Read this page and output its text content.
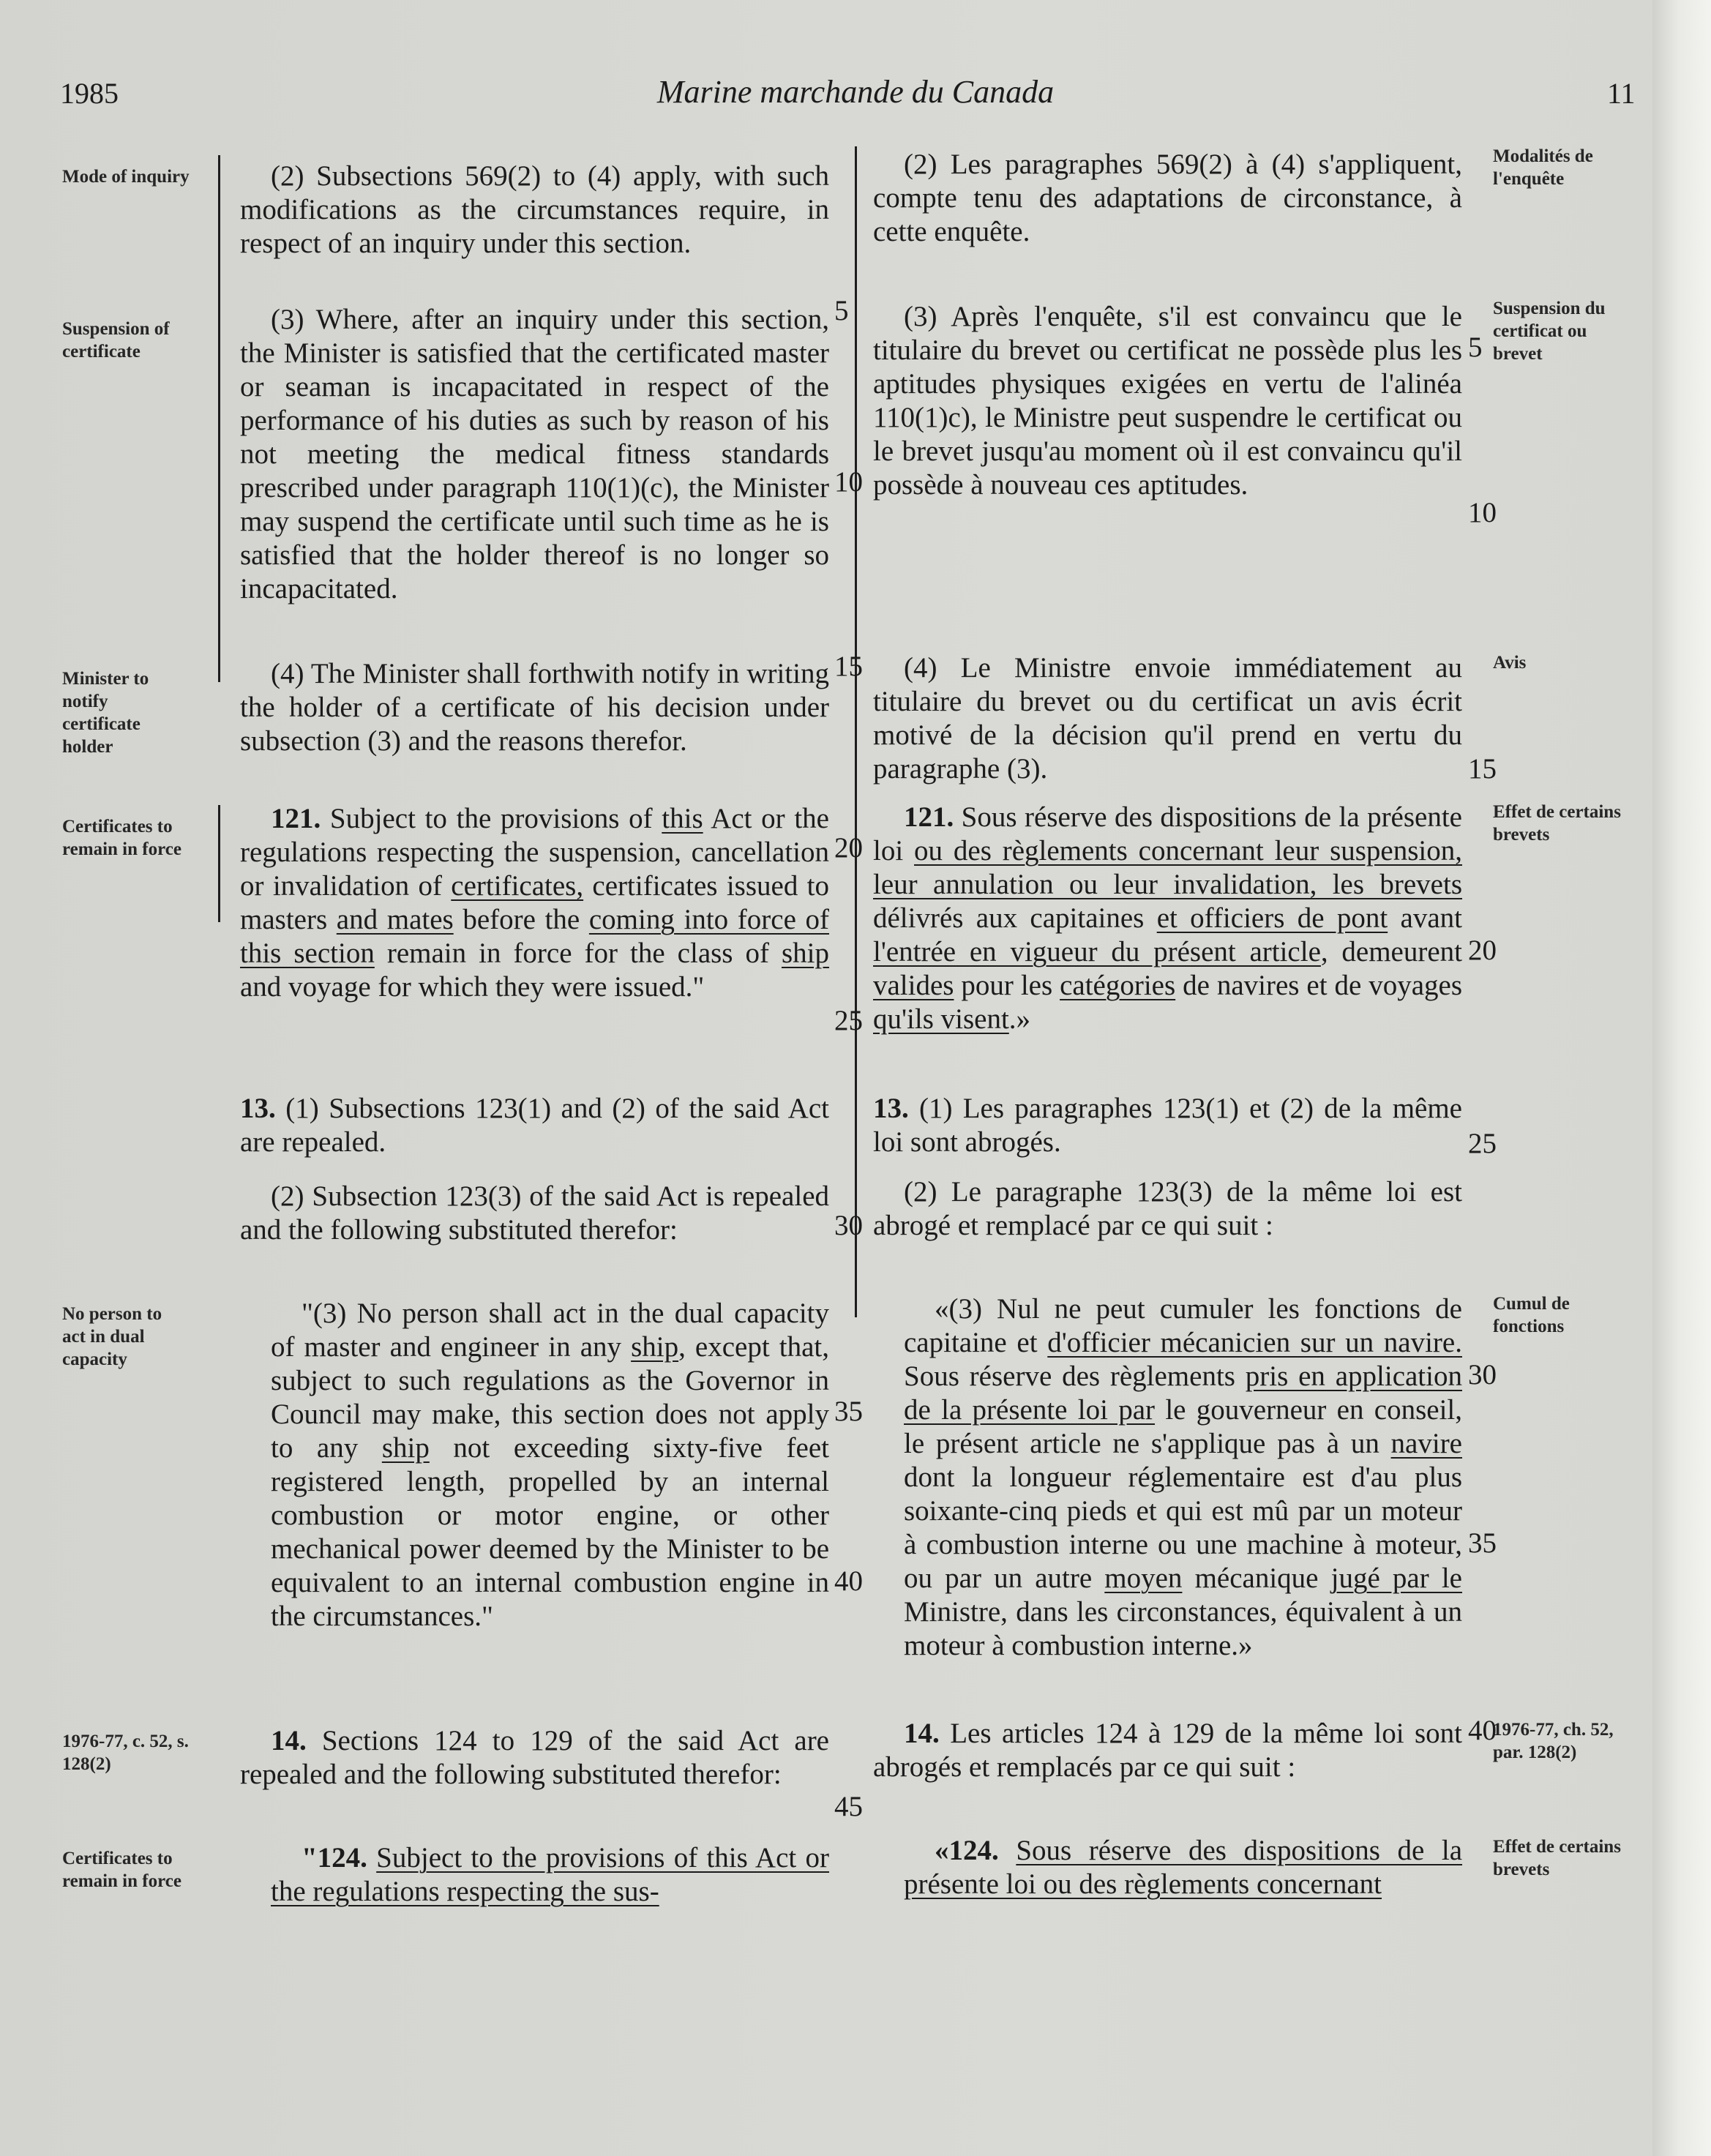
1985	Marine marchande du Canada	11
Mode of inquiry
Suspension of certificate
Minister to notify certificate holder
Certificates to remain in force
No person to act in dual capacity
1976-77, c. 52, s. 128(2)
Certificates to remain in force
Modalités de l'enquête
Suspension du certificat ou brevet
Avis
Effet de certains brevets
Cumul de fonctions
1976-77, ch. 52, par. 128(2)
Effet de certains brevets

(2) Subsections 569(2) to (4) apply, with such modifications as the circumstances require, in respect of an inquiry under this section.

(3) Where, after an inquiry under this section, the Minister is satisfied that the certificated master or seaman is incapacitated in respect of the performance of his duties as such by reason of his not meeting the medical fitness standards prescribed under paragraph 110(1)(c), the Minister may suspend the certificate until such time as he is satisfied that the holder thereof is no longer so incapacitated.

(4) The Minister shall forthwith notify in writing the holder of a certificate of his decision under subsection (3) and the reasons therefor.

121. Subject to the provisions of this Act or the regulations respecting the suspension, cancellation or invalidation of certificates, certificates issued to masters and mates before the coming into force of this section remain in force for the class of ship and voyage for which they were issued."

13. (1) Subsections 123(1) and (2) of the said Act are repealed.

(2) Subsection 123(3) of the said Act is repealed and the following substituted therefor:

"(3) No person shall act in the dual capacity of master and engineer in any ship, except that, subject to such regulations as the Governor in Council may make, this section does not apply to any ship not exceeding sixty-five feet registered length, propelled by an internal combustion or motor engine, or other mechanical power deemed by the Minister to be equivalent to an internal combustion engine in the circumstances."

14. Sections 124 to 129 of the said Act are repealed and the following substituted therefor:

"124. Subject to the provisions of this Act or the regulations respecting the sus-

(2) Les paragraphes 569(2) à (4) s'appliquent, compte tenu des adaptations de circonstance, à cette enquête.

(3) Après l'enquête, s'il est convaincu que le titulaire du brevet ou certificat ne possède plus les aptitudes physiques exigées en vertu de l'alinéa 110(1)c), le Ministre peut suspendre le certificat ou le brevet jusqu'au moment où il est convaincu qu'il possède à nouveau ces aptitudes.

(4) Le Ministre envoie immédiatement au titulaire du brevet ou du certificat un avis écrit motivé de la décision qu'il prend en vertu du paragraphe (3).

121. Sous réserve des dispositions de la présente loi ou des règlements concernant leur suspension, leur annulation ou leur invalidation, les brevets délivrés aux capitaines et officiers de pont avant l'entrée en vigueur du présent article, demeurent valides pour les catégories de navires et de voyages qu'ils visent.»

13. (1) Les paragraphes 123(1) et (2) de la même loi sont abrogés.

(2) Le paragraphe 123(3) de la même loi est abrogé et remplacé par ce qui suit :

«(3) Nul ne peut cumuler les fonctions de capitaine et d'officier mécanicien sur un navire. Sous réserve des règlements pris en application de la présente loi par le gouverneur en conseil, le présent article ne s'applique pas à un navire dont la longueur réglementaire est d'au plus soixante-cinq pieds et qui est mû par un moteur à combustion interne ou une machine à moteur, ou par un autre moyen mécanique jugé par le Ministre, dans les circonstances, équivalent à un moteur à combustion interne.»

14. Les articles 124 à 129 de la même loi sont abrogés et remplacés par ce qui suit :

«124. Sous réserve des dispositions de la présente loi ou des règlements concernant

5
10
15
20
25
30
35
40
45
5
10
15
20
25
30
35
40
